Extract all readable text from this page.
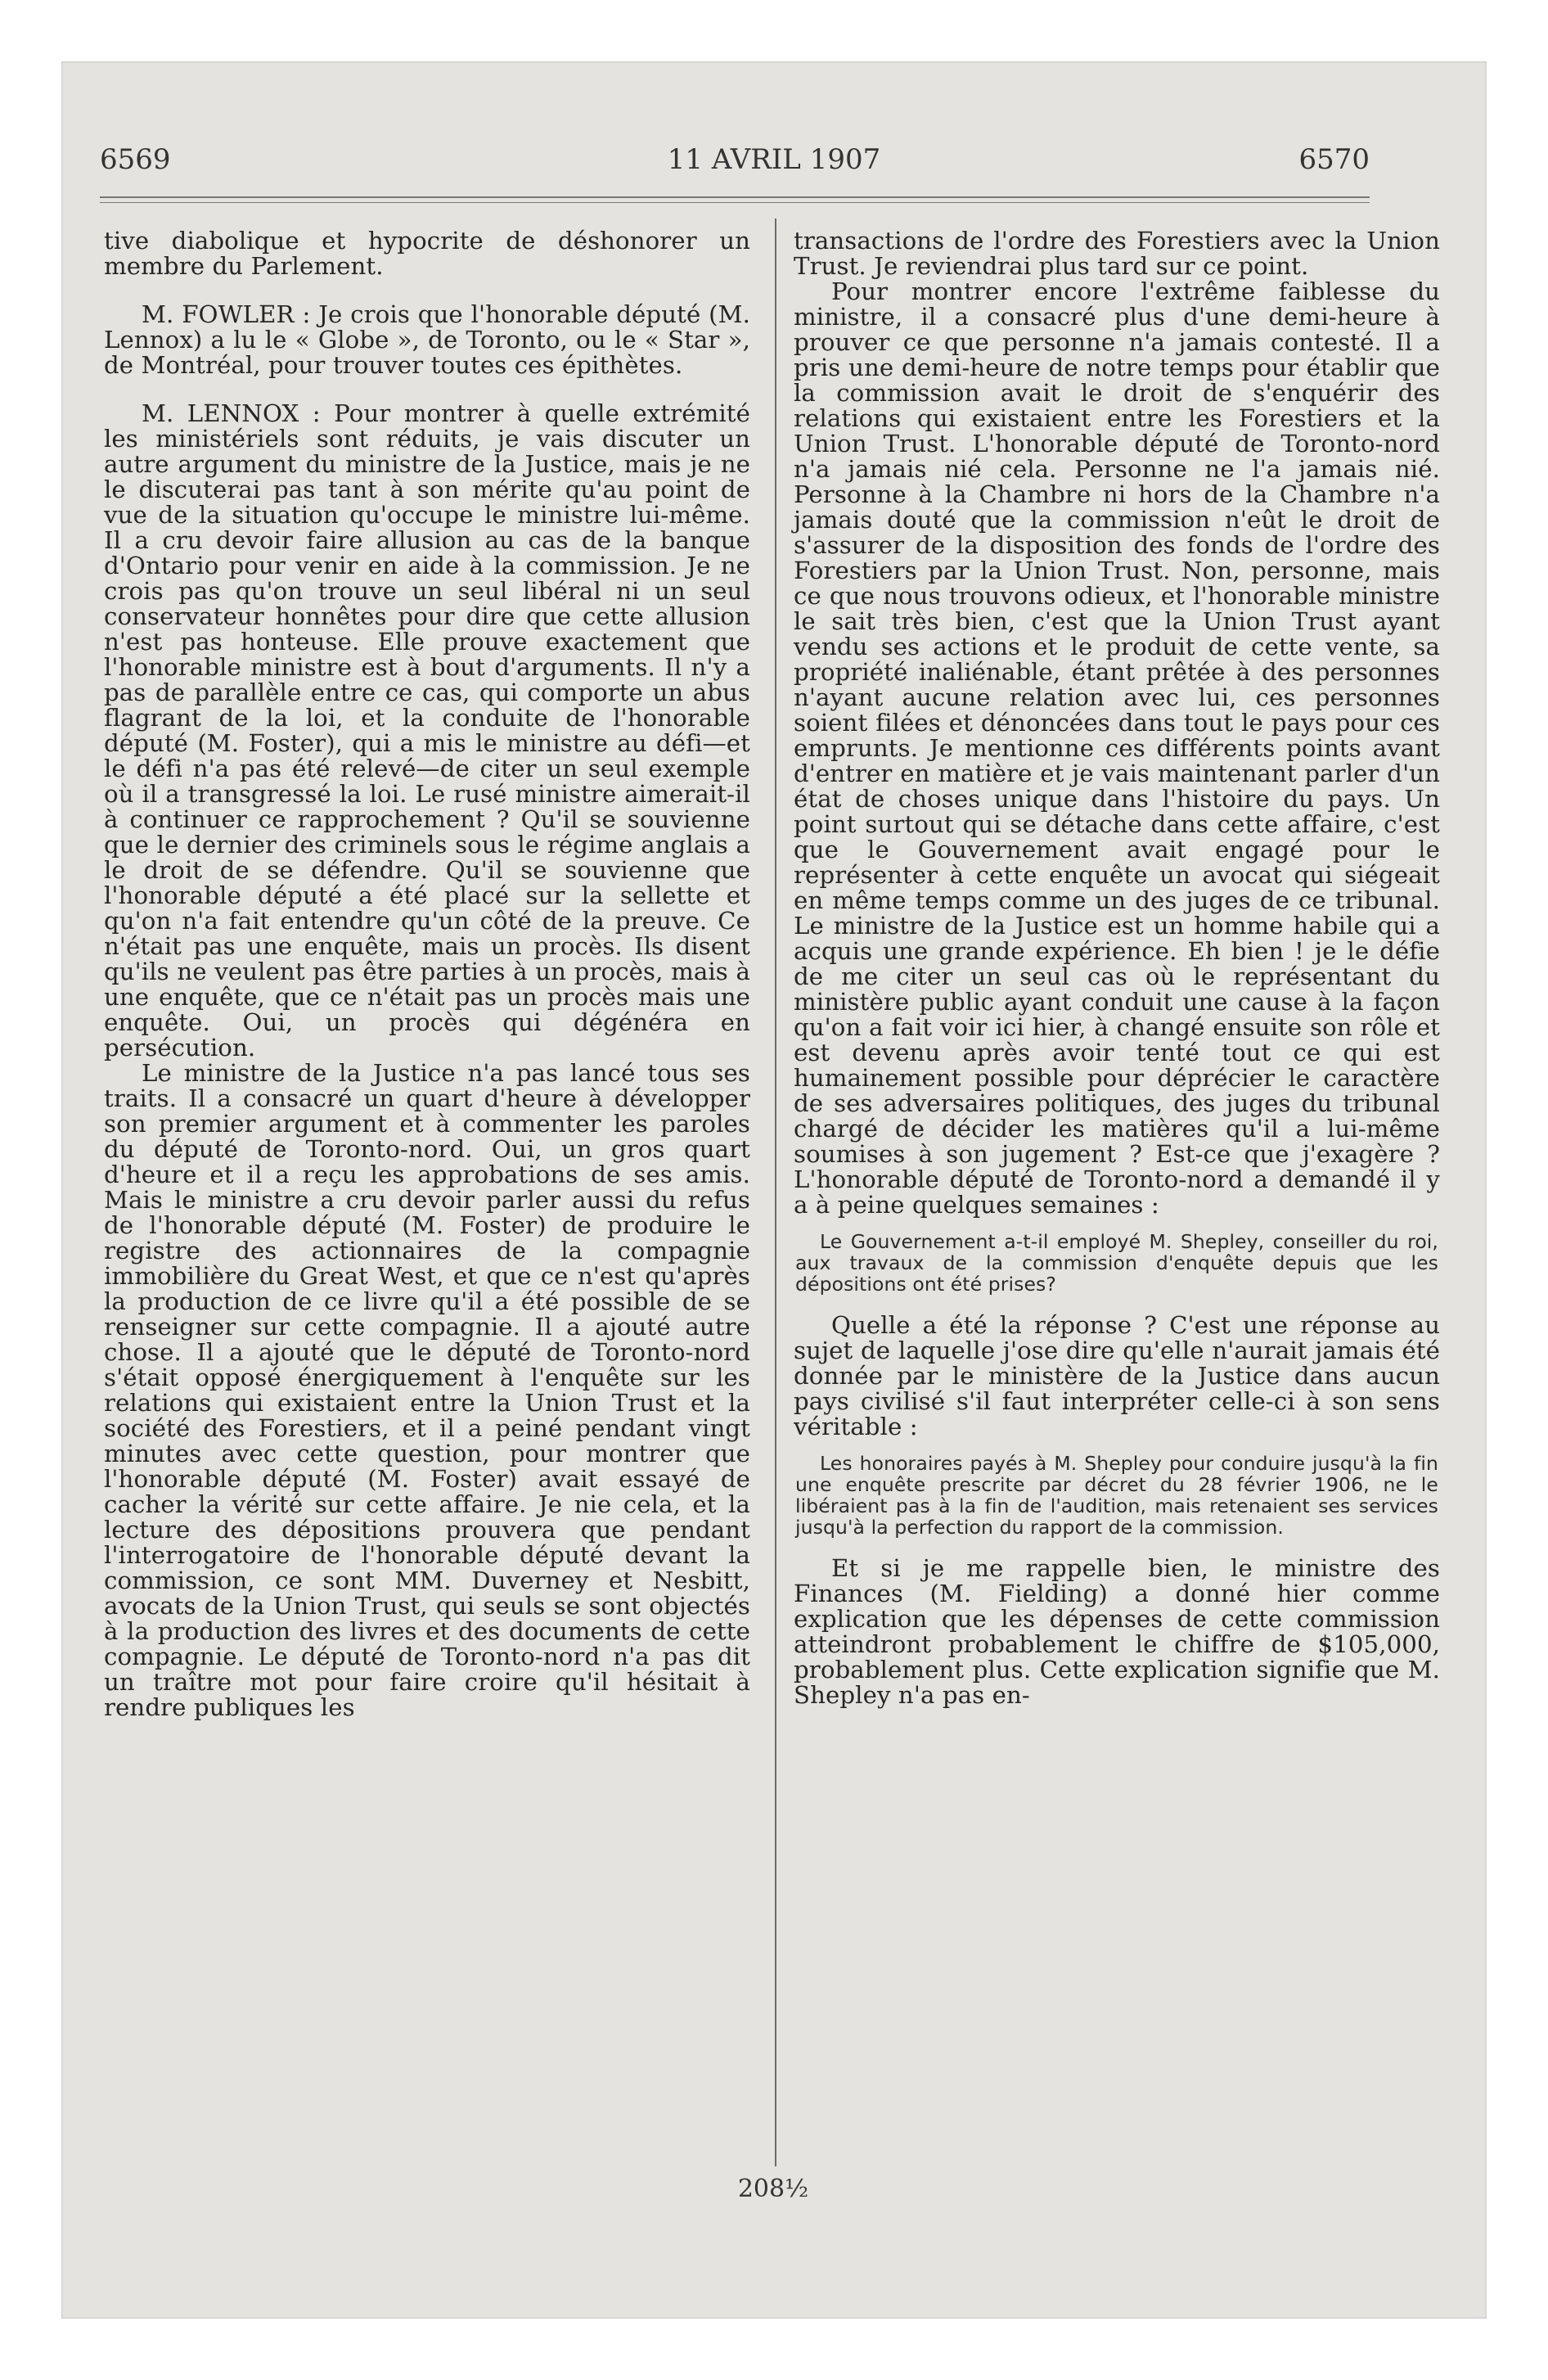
6569	11 AVRIL 1907	6570

tive diabolique et hypocrite de déshonorer un membre du Parlement.

M. FOWLER : Je crois que l'honorable député (M. Lennox) a lu le « Globe », de Toronto, ou le « Star », de Montréal, pour trouver toutes ces épithètes.

M. LENNOX : Pour montrer à quelle extrémité les ministériels sont réduits, je vais discuter un autre argument du ministre de la Justice, mais je ne le discuterai pas tant à son mérite qu'au point de vue de la situation qu'occupe le ministre lui-même. Il a cru devoir faire allusion au cas de la banque d'Ontario pour venir en aide à la commission. Je ne crois pas qu'on trouve un seul libéral ni un seul conservateur honnêtes pour dire que cette allusion n'est pas honteuse. Elle prouve exactement que l'honorable ministre est à bout d'arguments. Il n'y a pas de parallèle entre ce cas, qui comporte un abus flagrant de la loi, et la conduite de l'honorable député (M. Foster), qui a mis le ministre au défi—et le défi n'a pas été relevé—de citer un seul exemple où il a transgressé la loi. Le rusé ministre aimerait-il à continuer ce rapprochement ? Qu'il se souvienne que le dernier des criminels sous le régime anglais a le droit de se défendre. Qu'il se souvienne que l'honorable député a été placé sur la sellette et qu'on n'a fait entendre qu'un côté de la preuve. Ce n'était pas une enquête, mais un procès. Ils disent qu'ils ne veulent pas être parties à un procès, mais à une enquête, que ce n'était pas un procès mais une enquête. Oui, un procès qui dégénéra en persécution.

Le ministre de la Justice n'a pas lancé tous ses traits. Il a consacré un quart d'heure à développer son premier argument et à commenter les paroles du député de Toronto-nord. Oui, un gros quart d'heure et il a reçu les approbations de ses amis. Mais le ministre a cru devoir parler aussi du refus de l'honorable député (M. Foster) de produire le registre des actionnaires de la compagnie immobilière du Great West, et que ce n'est qu'après la production de ce livre qu'il a été possible de se renseigner sur cette compagnie. Il a ajouté autre chose. Il a ajouté que le député de Toronto-nord s'était opposé énergiquement à l'enquête sur les relations qui existaient entre la Union Trust et la société des Forestiers, et il a peiné pendant vingt minutes avec cette question, pour montrer que l'honorable député (M. Foster) avait essayé de cacher la vérité sur cette affaire. Je nie cela, et la lecture des dépositions prouvera que pendant l'interrogatoire de l'honorable député devant la commission, ce sont MM. Duverney et Nesbitt, avocats de la Union Trust, qui seuls se sont objectés à la production des livres et des documents de cette compagnie. Le député de Toronto-nord n'a pas dit un traître mot pour faire croire qu'il hésitait à rendre publiques les

transactions de l'ordre des Forestiers avec la Union Trust. Je reviendrai plus tard sur ce point.

Pour montrer encore l'extrême faiblesse du ministre, il a consacré plus d'une demi-heure à prouver ce que personne n'a jamais contesté. Il a pris une demi-heure de notre temps pour établir que la commission avait le droit de s'enquérir des relations qui existaient entre les Forestiers et la Union Trust. L'honorable député de Toronto-nord n'a jamais nié cela. Personne ne l'a jamais nié. Personne à la Chambre ni hors de la Chambre n'a jamais douté que la commission n'eût le droit de s'assurer de la disposition des fonds de l'ordre des Forestiers par la Union Trust. Non, personne, mais ce que nous trouvons odieux, et l'honorable ministre le sait très bien, c'est que la Union Trust ayant vendu ses actions et le produit de cette vente, sa propriété inaliénable, étant prêtée à des personnes n'ayant aucune relation avec lui, ces personnes soient filées et dénoncées dans tout le pays pour ces emprunts. Je mentionne ces différents points avant d'entrer en matière et je vais maintenant parler d'un état de choses unique dans l'histoire du pays. Un point surtout qui se détache dans cette affaire, c'est que le Gouvernement avait engagé pour le représenter à cette enquête un avocat qui siégeait en même temps comme un des juges de ce tribunal. Le ministre de la Justice est un homme habile qui a acquis une grande expérience. Eh bien ! je le défie de me citer un seul cas où le représentant du ministère public ayant conduit une cause à la façon qu'on a fait voir ici hier, à changé ensuite son rôle et est devenu après avoir tenté tout ce qui est humainement possible pour déprécier le caractère de ses adversaires politiques, des juges du tribunal chargé de décider les matières qu'il a lui-même soumises à son jugement ? Est-ce que j'exagère ? L'honorable député de Toronto-nord a demandé il y a à peine quelques semaines :

Le Gouvernement a-t-il employé M. Shepley, conseiller du roi, aux travaux de la commission d'enquête depuis que les dépositions ont été prises?

Quelle a été la réponse ? C'est une réponse au sujet de laquelle j'ose dire qu'elle n'aurait jamais été donnée par le ministère de la Justice dans aucun pays civilisé s'il faut interpréter celle-ci à son sens véritable :

Les honoraires payés à M. Shepley pour conduire jusqu'à la fin une enquête prescrite par décret du 28 février 1906, ne le libéraient pas à la fin de l'audition, mais retenaient ses services jusqu'à la perfection du rapport de la commission.

Et si je me rappelle bien, le ministre des Finances (M. Fielding) a donné hier comme explication que les dépenses de cette commission atteindront probablement le chiffre de $105,000, probablement plus. Cette explication signifie que M. Shepley n'a pas en-

208½
